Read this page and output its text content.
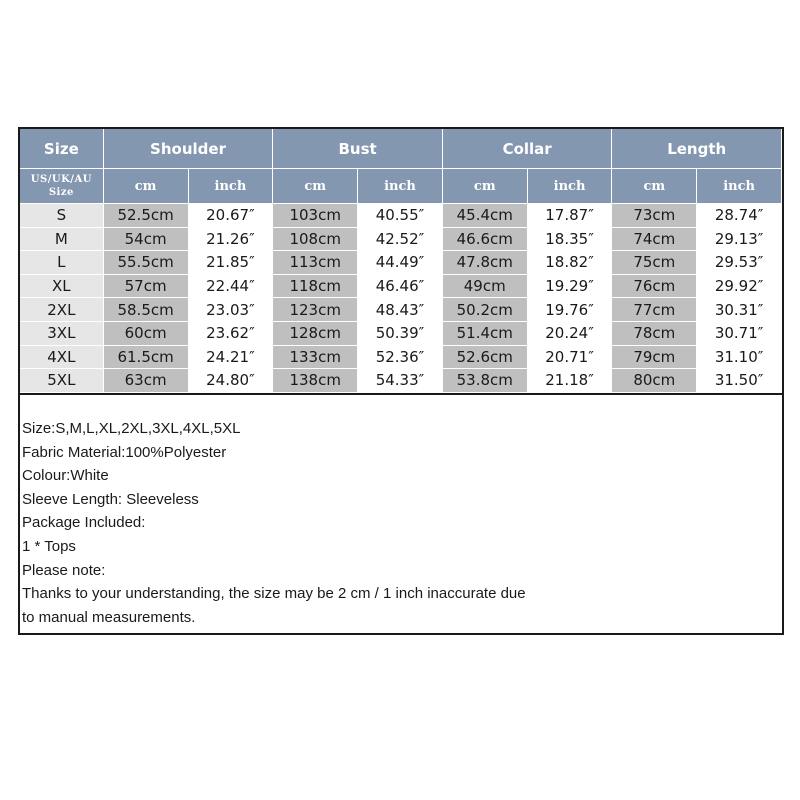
Size	Shoulder		Bust		Collar		Length	
US/UK/AU
Size	cm	inch	cm	inch	cm	inch	cm	inch
S	52.5cm	20.67″	103cm	40.55″	45.4cm	17.87″	73cm	28.74″
M	54cm	21.26″	108cm	42.52″	46.6cm	18.35″	74cm	29.13″
L	55.5cm	21.85″	113cm	44.49″	47.8cm	18.82″	75cm	29.53″
XL	57cm	22.44″	118cm	46.46″	49cm	19.29″	76cm	29.92″
2XL	58.5cm	23.03″	123cm	48.43″	50.2cm	19.76″	77cm	30.31″
3XL	60cm	23.62″	128cm	50.39″	51.4cm	20.24″	78cm	30.71″
4XL	61.5cm	24.21″	133cm	52.36″	52.6cm	20.71″	79cm	31.10″
5XL	63cm	24.80″	138cm	54.33″	53.8cm	21.18″	80cm	31.50″
Size:S,M,L,XL,2XL,3XL,4XL,5XL
Fabric Material:100%Polyester
Colour:White
Sleeve Length: Sleeveless
Package Included:
1 * Tops
Please note:
Thanks to your understanding, the size may be 2 cm / 1 inch inaccurate due
to manual measurements.
